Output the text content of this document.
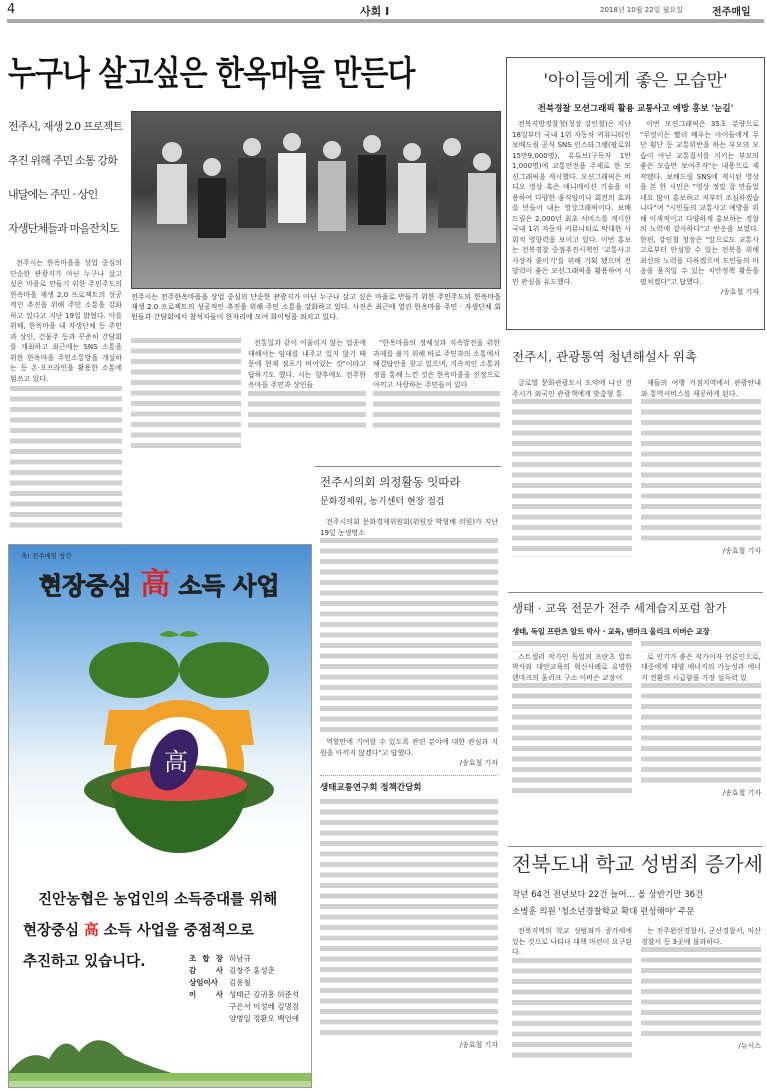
4	사회 I	2018년 10월 22일 월요일	전주매일
누구나 살고싶은 한옥마을 만든다
전주시, 재생 2.0 프로젝트
추진 위해 주민 소통 강화
내달에는 주민 · 상인
자생단체들과 마을잔치도

전주시는 한옥마을을 상업 중심의 단순한 관광지가 아닌 누구나 살고 싶은 마을로 만들기 위한 주민주도의 한옥마을 재생 2.0 프로젝트의 성공적인 추진을 위해 주민 소통을 강화하고 있다고 지난 19일 밝혔다. 이를 위해, 한옥마을 내 자생단체 등 주민과 상인, 건물주 등과 꾸준히 간담회를 개최하고 최근에는 SNS 소통을 위한 한옥마을 주민소통방을 개설하는 등 온·오프라인을 활용한 소통에 힘쓰고 있다.

전주시는 전주한옥마을을 상업 중심의 단순한 관광지가 아닌 누구나 살고 싶은 마을로 만들기 위한 주민주도의 한옥마을 재생 2.0 프로젝트의 성공적인 추진을 위해 주민 소통을 강화하고 있다. 사진은 최근에 열린 한옥마을 주민 · 자생단체 회원들과 간담회에서 참석자들이 한자리에 모여 화이팅을 외치고 있다.

전통밀과 같이 어울리지 않는 업종에 대해서는 임대를 내주고 있지 않기 때문에 현재 점포가 비어있는 것"이라고 답하기도 했다. 시는 향후에도 전주한옥마을 주민과 상인들

"한옥마을의 정체성과 지속발전을 위한 과제를 풀기 위해 바로 주민과의 소통에서 해결답안을 찾고 있으며, 지속적인 소통과정을 통해 느낀 것은 한옥마을을 진정으로 아끼고 사랑하는 주민들이 있다

'아이들에게 좋은 모습만'
전북경찰 모션그래픽 활용 교통사고 예방 홍보 '눈길'

전북지방경찰청(청장 강인철)은 지난 18일부터 국내 1위 자동차 커뮤니티인 보배드림 공식 SNS 인스타그램(팔로워 15만9,000명), 유튜브(구독자 1만1,000명)에 교통안전을 주제로 한 모션그래픽을 게시했다. 모션그래픽은 비디오 영상 혹은 애니메이션 기술을 이용하여 다양한 움직임이나 회전의 효과를 만들어 내는 영상그래픽이다. 보배드림은 2,000년 최초 서비스를 게시한 국내 1위 자동차 커뮤니티로 막대한 사회적 영향력을 보이고 있다. 이번 홍보는 전북경찰 중점추진시책인 '교통사고 사상자 줄이기'를 위해 기획 됐으며 전달력이 좋은 모션그래픽을 활용하여 시민 관심을 유도했다.

이번 모션그래픽은 35초 분량으로 "무엇이든 빨리 배우는 아이들에게 무단 횡단 등 교통위반을 하는 부모의 모습이 아닌 교통질서를 지키는 부모의 좋은 모습만 보여주자"는 내용으로 제작됐다. 보배드림 SNS에 게시된 영상을 본 한 시민은 "영상 정말 잘 만들었네요 많이 홍보하고 저부터 조심하겠습니다"며 "시민들의 교통사고 예방을 위해 이색적이고 다양하게 홍보하는 경찰의 노력에 감사하다"고 반응을 보였다. 한편, 강인철 청장은 "앞으로도 교통사고로부터 안심할 수 있는 전북을 위해 최선의 노력을 다하겠으며 도민들의 마음을 움직일 수 있는 치안정책 활동을 펼치겠다"고 답했다.

/송효철 기자
전주시, 관광통역 청년해설사 위촉

글로벌 문화관광도시 도약에 나선 전주시가 외국인 관광객에게 맞춤형 통

재들의 여행 거점지역에서 관광안내와 통역서비스를 제공하게 된다.

/송효철 기자
생태 · 교육 전문가 전주 세계습지포럼 참가
생태, 독일 프란츠 알트 박사 · 교육, 덴마크 울리크 이버슨 교장

스트셀러 작가인 독일의 프란츠 알트 박사와 대안교육의 혁신사례로 유명한 덴마크의 울리크 구스 이버슨 교장이

로 인기가 좋은 작가이자 언론인으로, 대중에게 태양 에너지의 가능성과 에너지 전환의 시급함을 가장 설득력 있

/송효철 기자
전북도내 학교 성범죄 증가세
작년 64건 전년보다 22건 늘어… 올 상반기만 36건
소병훈 의원 '청소년경찰학교 확대 편성해야' 주문

전북지역의 학교 성범죄가 증가세에 있는 것으로 나타나 대책 마련이 요구된다.

는 전주완산경찰서, 군산경찰서, 익산경찰서 등 3곳에 불과하다.

/뉴시스
전주시의회 의정활동 잇따라
문화경제위, 농기센터 현장 점검

전주시의회 문화경제위원회(위원장 박형배 의원)가 지난 19일 농생명소

역할만에 기여할 수 있도록 관련 분야에 대한 관심과 지원을 아끼지 않겠다"고 답했다.

/송효철 기자
생태교통연구회 정책간담회
/송효철 기자
축! 전주매일 창간
현장중심 高 소득 사업
高
진안농협은 농업인의 소득증대를 위해
현장중심 高 소득 사업을 중점적으로
추진하고 있습니다.	조 합 장 허남규
감 사 김창주 홍성춘
상임이사	김용철
이 사 성태근 김귀흥 허준석
구은서 이성레 김명검
양병일 정환오 백인애
